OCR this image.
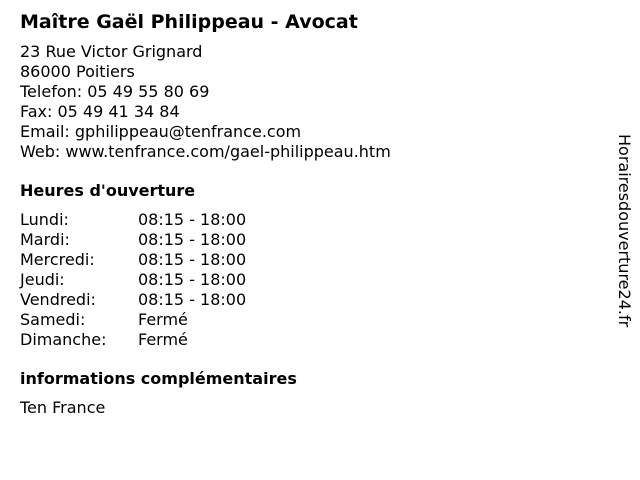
Maître Gaël Philippeau - Avocat
23 Rue Victor Grignard
86000 Poitiers
Telefon: 05 49 55 80 69
Fax: 05 49 41 34 84
Email: gphilippeau@tenfrance.com
Web: www.tenfrance.com/gael-philippeau.htm
Heures d'ouverture
Lundi:	08:15 - 18:00
Mardi:	08:15 - 18:00
Mercredi:	08:15 - 18:00
Jeudi:	08:15 - 18:00
Vendredi:	08:15 - 18:00
Samedi:	Fermé
Dimanche:	Fermé
informations complémentaires
Ten France
Horairesdouverture24.fr
